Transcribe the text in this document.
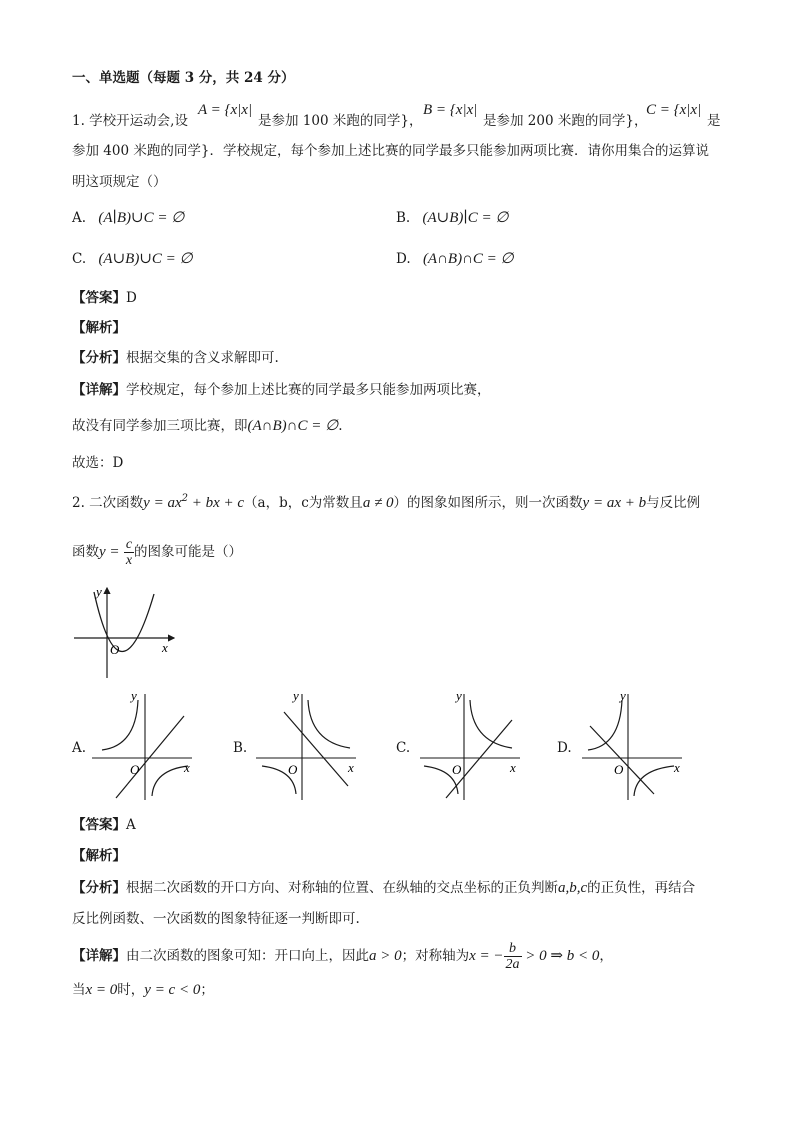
一、单选题（每题 3 分，共 24 分）
1. 学校开运动会,设
A = {x|x|
是参加 100 米跑的同学}，
B = {x|x|
是参加 200 米跑的同学}，
C = {x|x|
是
参加 400 米跑的同学}．学校规定，每个参加上述比赛的同学最多只能参加两项比赛．请你用集合的运算说
明这项规定（）
A. (A∣B)∪C = ∅	B. (A∪B)∣C = ∅
C. (A∪B)∪C = ∅	D. (A∩B)∩C = ∅
【答案】D
【解析】
【分析】根据交集的含义求解即可.
【详解】学校规定，每个参加上述比赛的同学最多只能参加两项比赛，
故没有同学参加三项比赛，即(A∩B)∩C = ∅.
故选：D
2. 二次函数$y = ax^2$ + bx + c（a，b，c为常数且a ≠ 0）的图象如图所示，则一次函数y = ax + b与反比例
函数$y = \frac{c}{x}$ 的图象可能是（）
x
y
O
A.
x
y
O
B.
x
y
O
C.
x
y
O
D.
x
y
O
【答案】A
【解析】
【分析】根据二次函数的开口方向、对称轴的位置、在纵轴的交点坐标的正负判断a,b,c的正负性，再结合
反比例函数、一次函数的图象特征逐一判断即可.
【详解】由二次函数的图象可知：开口向上，因此a > 0；对称轴为x = − $\frac{b}{2a} > 0$ ⇒ b < 0，
当x = 0时，y = c < 0；
